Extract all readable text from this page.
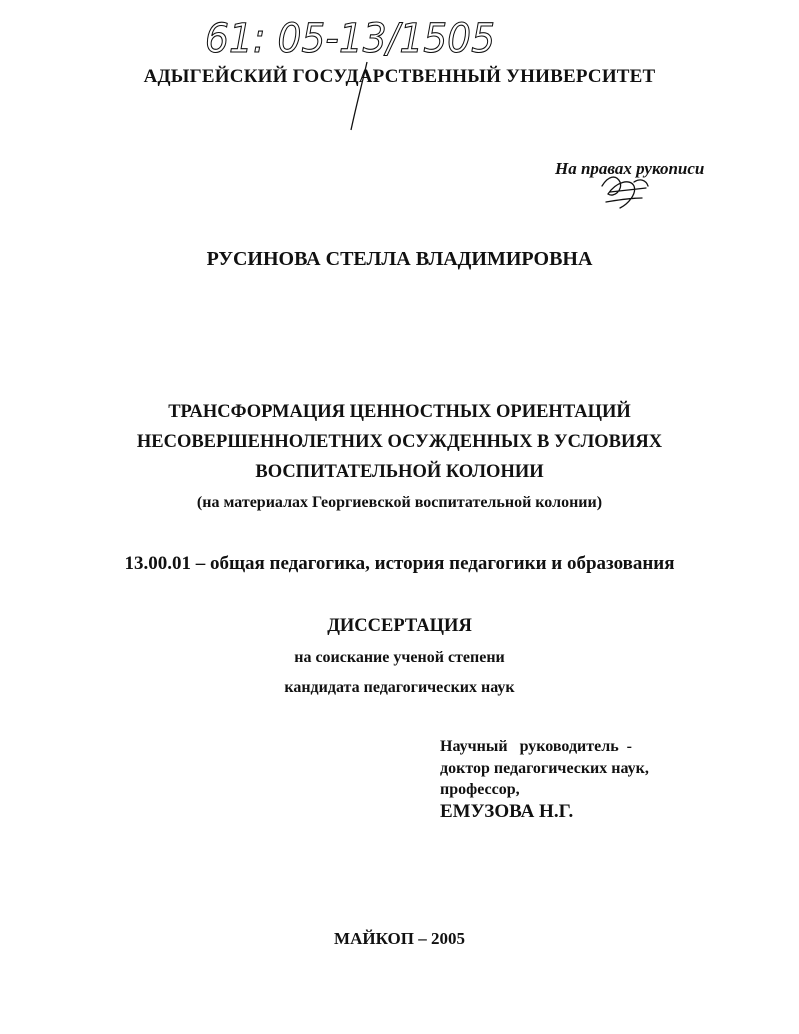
61: 05-13/1505
АДЫГЕЙСКИЙ ГОСУДАРСТВЕННЫЙ УНИВЕРСИТЕТ
На правах рукописи
РУСИНОВА СТЕЛЛА ВЛАДИМИРОВНА
ТРАНСФОРМАЦИЯ ЦЕННОСТНЫХ ОРИЕНТАЦИЙ
НЕСОВЕРШЕННОЛЕТНИХ ОСУЖДЕННЫХ В УСЛОВИЯХ
ВОСПИТАТЕЛЬНОЙ КОЛОНИИ
(на материалах Георгиевской воспитательной колонии)
13.00.01 – общая педагогика, история педагогики и образования
ДИССЕРТАЦИЯ
на соискание ученой степени
кандидата педагогических наук
Научный   руководитель  -
доктор педагогических наук,
профессор,
ЕМУЗОВА Н.Г.
МАЙКОП – 2005
